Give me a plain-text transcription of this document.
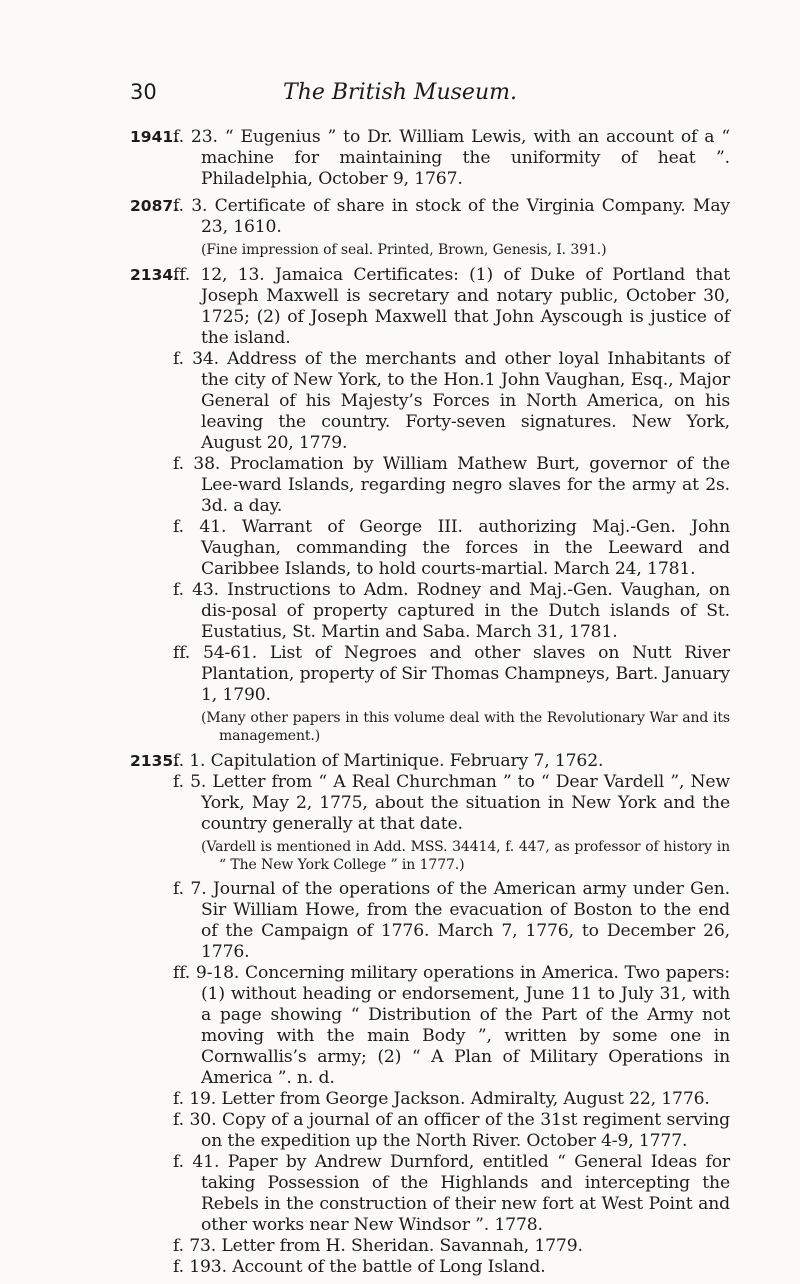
30	The British Museum.
1941.
f. 23. “ Eugenius ” to Dr. William Lewis, with an account of a “ machine for maintaining the uniformity of heat ”. Philadelphia, October 9, 1767.
2087.
f. 3. Certificate of share in stock of the Virginia Company. May 23, 1610.
(Fine impression of seal. Printed, Brown, Genesis, I. 391.)
2134.
ff. 12, 13. Jamaica Certificates: (1) of Duke of Portland that Joseph Maxwell is secretary and notary public, October 30, 1725; (2) of Joseph Maxwell that John Ayscough is justice of the island.
f. 34. Address of the merchants and other loyal Inhabitants of the city of New York, to the Hon.1 John Vaughan, Esq., Major General of his Majesty’s Forces in North America, on his leaving the country. Forty-seven signatures. New York, August 20, 1779.
f. 38. Proclamation by William Mathew Burt, governor of the Lee-ward Islands, regarding negro slaves for the army at 2s. 3d. a day.
f. 41. Warrant of George III. authorizing Maj.-Gen. John Vaughan, commanding the forces in the Leeward and Caribbee Islands, to hold courts-martial. March 24, 1781.
f. 43. Instructions to Adm. Rodney and Maj.-Gen. Vaughan, on dis-posal of property captured in the Dutch islands of St. Eustatius, St. Martin and Saba. March 31, 1781.
ff. 54-61. List of Negroes and other slaves on Nutt River Plantation, property of Sir Thomas Champneys, Bart. January 1, 1790.
(Many other papers in this volume deal with the Revolutionary War and its management.)
2135.
f. 1. Capitulation of Martinique. February 7, 1762.
f. 5. Letter from “ A Real Churchman ” to “ Dear Vardell ”, New York, May 2, 1775, about the situation in New York and the country generally at that date.
(Vardell is mentioned in Add. MSS. 34414, f. 447, as professor of history in “ The New York College ” in 1777.)
f. 7. Journal of the operations of the American army under Gen. Sir William Howe, from the evacuation of Boston to the end of the Campaign of 1776. March 7, 1776, to December 26, 1776.
ff. 9-18. Concerning military operations in America. Two papers: (1) without heading or endorsement, June 11 to July 31, with a page showing “ Distribution of the Part of the Army not moving with the main Body ”, written by some one in Cornwallis’s army; (2) “ A Plan of Military Operations in America ”. n. d.
f. 19. Letter from George Jackson. Admiralty, August 22, 1776.
f. 30. Copy of a journal of an officer of the 31st regiment serving on the expedition up the North River. October 4-9, 1777.
f. 41. Paper by Andrew Durnford, entitled “ General Ideas for taking Possession of the Highlands and intercepting the Rebels in the construction of their new fort at West Point and other works near New Windsor ”. 1778.
f. 73. Letter from H. Sheridan. Savannah, 1779.
f. 193. Account of the battle of Long Island.
